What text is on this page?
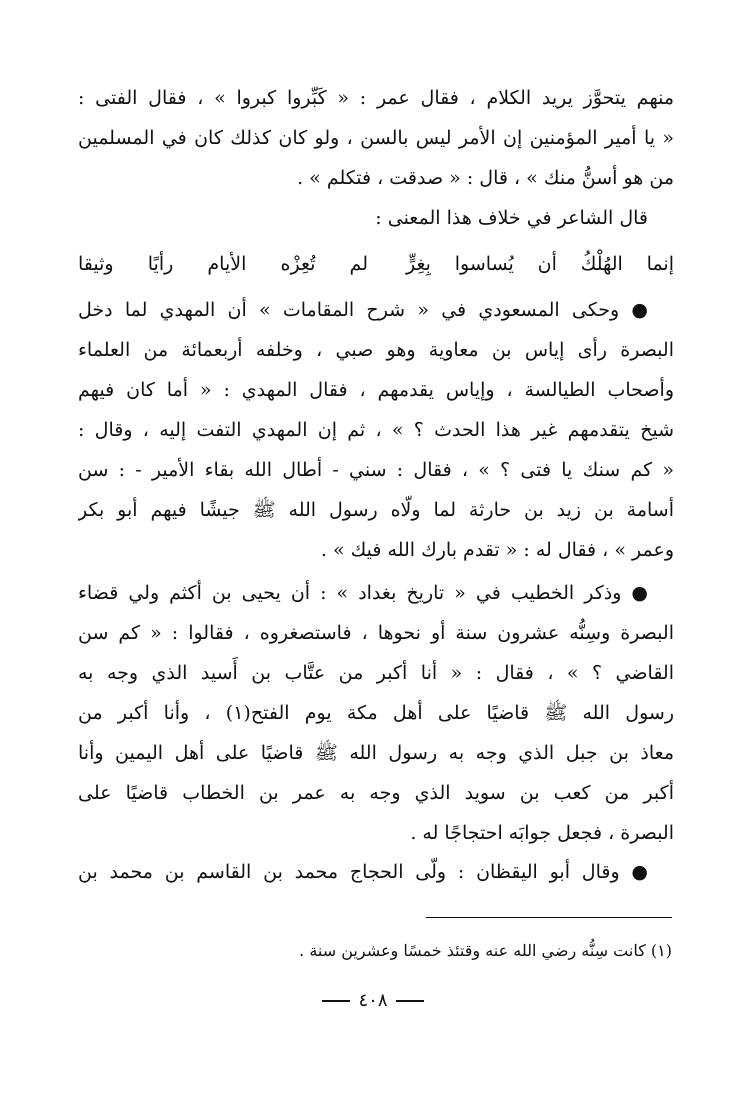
منهم يتحوَّز يريد الكلام ، فقال عمر : « كَبِّروا كبروا » ، فقال الفتى :
« يا أمير المؤمنين إن الأمر ليس بالسن ، ولو كان كذلك كان في المسلمين
من هو أسنُّ منك » ، قال : « صدقت ، فتكلم » .
قال الشاعر في خلاف هذا المعنى :
إنما الهُلْكُ أن يُساسوا بِغِرٍّ
لم تُعِزْه الأيام رأيًا وثيقا
● وحكى المسعودي في « شرح المقامات » أن المهدي لما دخل
البصرة رأى إياس بن معاوية وهو صبي ، وخلفه أربعمائة من العلماء
وأصحاب الطيالسة ، وإياس يقدمهم ، فقال المهدي : « أما كان فيهم
شيخ يتقدمهم غير هذا الحدث ؟ » ، ثم إن المهدي التفت إليه ، وقال :
« كم سنك يا فتى ؟ » ، فقال : سني - أطال الله بقاء الأمير - : سن
أسامة بن زيد بن حارثة لما ولّاه رسول الله ﷺ جيشًا فيهم أبو بكر
وعمر » ، فقال له : « تقدم بارك الله فيك » .
● وذكر الخطيب في « تاريخ بغداد » : أن يحيى بن أكثم ولي قضاء
البصرة وسِنُّه عشرون سنة أو نحوها ، فاستصغروه ، فقالوا : « كم سن
القاضي ؟ » ، فقال : « أنا أكبر من عتَّاب بن أَسيد الذي وجه به
رسول الله ﷺ قاضيًا على أهل مكة يوم الفتح(١) ، وأنا أكبر من
معاذ بن جبل الذي وجه به رسول الله ﷺ قاضيًا على أهل اليمين وأنا
أكبر من كعب بن سويد الذي وجه به عمر بن الخطاب قاضيًا على
البصرة ، فجعل جوابَه احتجاجًا له .
● وقال أبو اليقظان : ولّى الحجاج محمد بن القاسم بن محمد بن
(١) كانت سِنُّه رضي الله عنه وقتئذ خمسًا وعشرين سنة .
٤٠٨
